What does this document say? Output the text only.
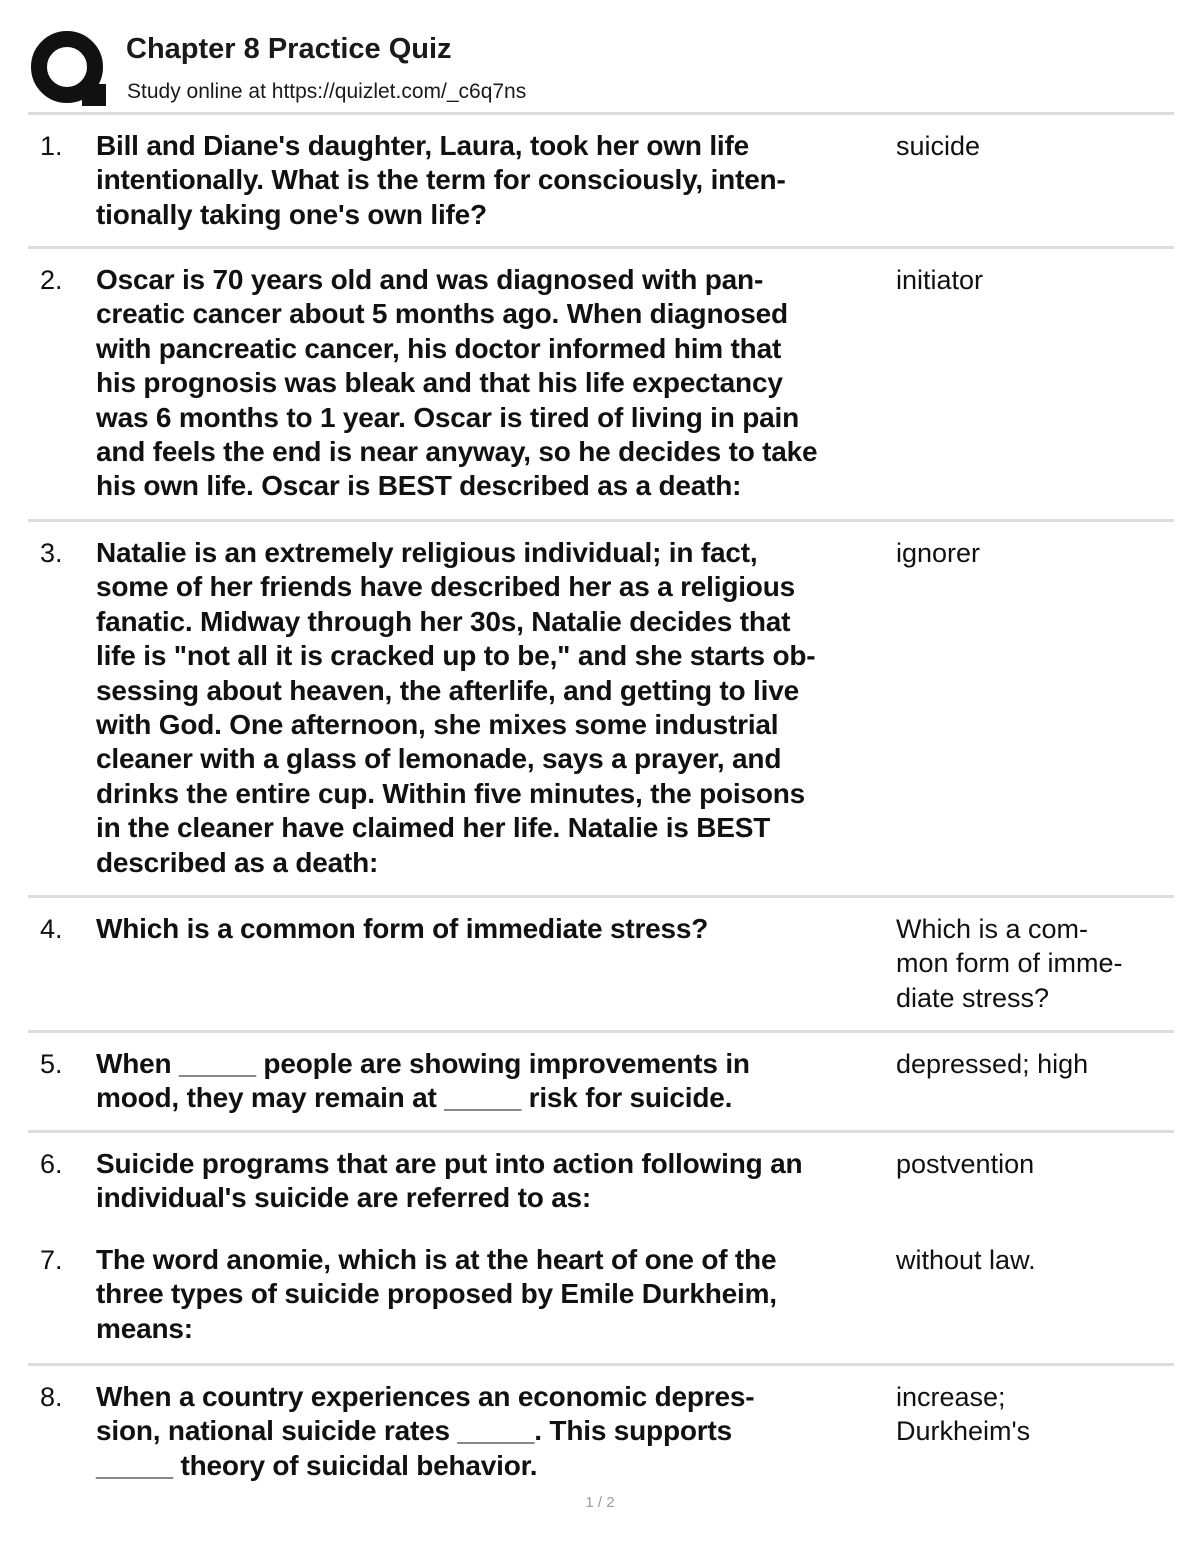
Chapter 8 Practice Quiz
Study online at https://quizlet.com/_c6q7ns
1. Bill and Diane's daughter, Laura, took her own life
intentionally. What is the term for consciously, inten-
tionally taking one's own life?
suicide
2. Oscar is 70 years old and was diagnosed with pan-
creatic cancer about 5 months ago. When diagnosed
with pancreatic cancer, his doctor informed him that
his prognosis was bleak and that his life expectancy
was 6 months to 1 year. Oscar is tired of living in pain
and feels the end is near anyway, so he decides to take
his own life. Oscar is BEST described as a death:
initiator
3. Natalie is an extremely religious individual; in fact,
some of her friends have described her as a religious
fanatic. Midway through her 30s, Natalie decides that
life is "not all it is cracked up to be," and she starts ob-
sessing about heaven, the afterlife, and getting to live
with God. One afternoon, she mixes some industrial
cleaner with a glass of lemonade, says a prayer, and
drinks the entire cup. Within five minutes, the poisons
in the cleaner have claimed her life. Natalie is BEST
described as a death:
ignorer
4. Which is a common form of immediate stress?	Which is a com-
mon form of imme-
diate stress?
5. When _____ people are showing improvements in
mood, they may remain at _____ risk for suicide.
depressed; high
6. Suicide programs that are put into action following an
individual's suicide are referred to as:
postvention
7. The word anomie, which is at the heart of one of the
three types of suicide proposed by Emile Durkheim,
means:
without law.
8. When a country experiences an economic depres-
sion, national suicide rates _____. This supports
_____ theory of suicidal behavior.
increase;
Durkheim's
1 / 2
